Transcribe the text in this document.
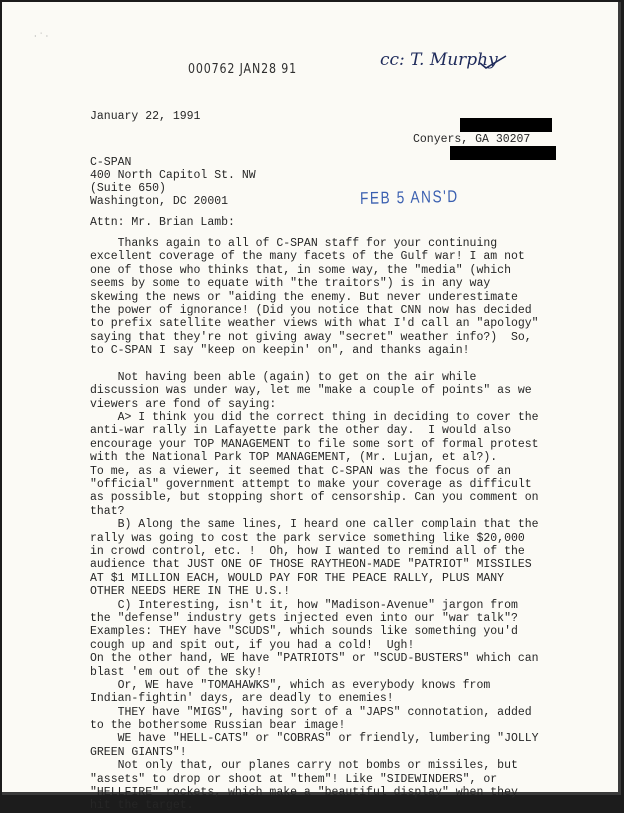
· ˙ ·
000762 JAN28 91	cc: T. Murphy
January 22, 1991
Conyers, GA 30207
C-SPAN
400 North Capitol St. NW
(Suite 650)
Washington, DC 20001	FEB 5 ANS'D
Attn: Mr. Brian Lamb:
Thanks again to all of C-SPAN staff for your continuing
excellent coverage of the many facets of the Gulf war! I am not
one of those who thinks that, in some way, the "media" (which
seems by some to equate with "the traitors") is in any way
skewing the news or "aiding the enemy. But never underestimate
the power of ignorance! (Did you notice that CNN now has decided
to prefix satellite weather views with what I'd call an "apology"
saying that they're not giving away "secret" weather info?)  So,
to C-SPAN I say "keep on keepin' on", and thanks again!
Not having been able (again) to get on the air while
discussion was under way, let me "make a couple of points" as we
viewers are fond of saying:
A> I think you did the correct thing in deciding to cover the
anti-war rally in Lafayette park the other day.  I would also
encourage your TOP MANAGEMENT to file some sort of formal protest
with the National Park TOP MANAGEMENT, (Mr. Lujan, et al?).
To me, as a viewer, it seemed that C-SPAN was the focus of an
"official" government attempt to make your coverage as difficult
as possible, but stopping short of censorship. Can you comment on
that?
B) Along the same lines, I heard one caller complain that the
rally was going to cost the park service something like $20,000
in crowd control, etc. !  Oh, how I wanted to remind all of the
audience that JUST ONE OF THOSE RAYTHEON-MADE "PATRIOT" MISSILES
AT $1 MILLION EACH, WOULD PAY FOR THE PEACE RALLY, PLUS MANY
OTHER NEEDS HERE IN THE U.S.!
C) Interesting, isn't it, how "Madison-Avenue" jargon from
the "defense" industry gets injected even into our "war talk"?
Examples: THEY have "SCUDS", which sounds like something you'd
cough up and spit out, if you had a cold!  Ugh!
On the other hand, WE have "PATRIOTS" or "SCUD-BUSTERS" which can
blast 'em out of the sky!
Or, WE have "TOMAHAWKS", which as everybody knows from
Indian-fightin' days, are deadly to enemies!
THEY have "MIGS", having sort of a "JAPS" connotation, added
to the bothersome Russian bear image!
WE have "HELL-CATS" or "COBRAS" or friendly, lumbering "JOLLY
GREEN GIANTS"!
Not only that, our planes carry not bombs or missiles, but
"assets" to drop or shoot at "them"! Like "SIDEWINDERS", or
"HELLFIRE" rockets, which make a "beautiful display" when they
hit the target.
